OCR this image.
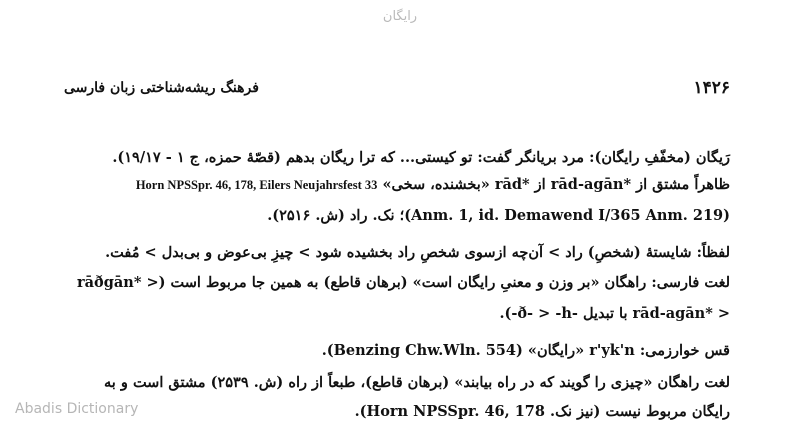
رایگان
۱۴۲۶
فرهنگ ریشه‌شناختی زبان فارسی
رَیگان (مخفّفِ رایگان): مرد بریانگر گفت: تو کیستی... که ترا ریگان بدهم (قصّهٔ حمزه، ج ۱ - ۱۹/۱۷).
ظاهراً مشتق از *rād-agān از *rād «بخشنده، سخی» Horn NPSSpr. 46, 178, Eilers Neujahrsfest 33
(Anm. 1, id. Demawend I/365 Anm. 219)؛ نک. راد (ش. ۲۵۱۶).
لفظاً: شایستهٔ (شخصِ) راد > آن‌چه ازسوی شخصِ راد بخشیده شود > چیزِ بی‌عوض و بی‌بدل > مُفت.
لغت فارسی: راهگان «بر وزن و معنیِ رایگان است» (برهان قاطع) به همین جا مربوط است (< *rāðgān
< *rād-agān با تبدیل -ð- > -h-).
قس خوارزمی: r'yk'n «رایگان» (Benzing Chw.Wln. 554).
لغت راهگان «چیزی را گویند که در راه بیابند» (برهان قاطع)، طبعاً از راه (ش. ۲۵۳۹) مشتق است و به
رایگان مربوط نیست (نیز نک. Horn NPSSpr. 46, 178).
Abadis Dictionary
